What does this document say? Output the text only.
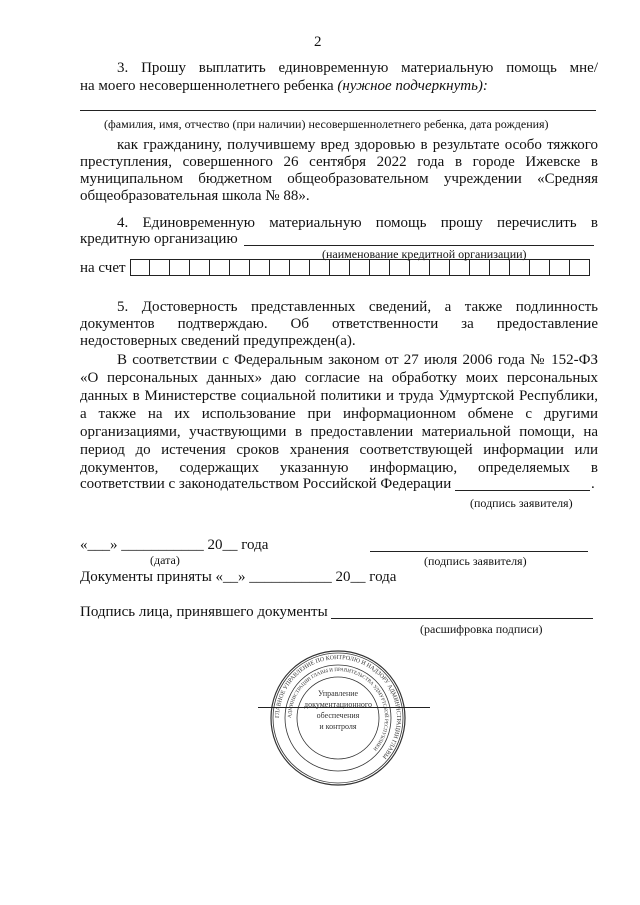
2
3. Прошу выплатить единовременную материальную помощь мне/
на моего несовершеннолетнего ребенка (нужное подчеркнуть):
(фамилия, имя, отчество (при наличии) несовершеннолетнего ребенка, дата рождения)
как гражданину, получившему вред здоровью в результате особо тяжкого
преступления, совершенного 26 сентября 2022 года в городе Ижевске в
муниципальном бюджетном общеобразовательном учреждении «Средняя
общеобразовательная школа № 88».
4. Единовременную материальную помощь прошу перечислить в
кредитную организацию
(наименование кредитной организации)
на счет
5. Достоверность представленных сведений, а также подлинность
документов подтверждаю. Об ответственности за предоставление
недостоверных сведений предупрежден(а).
В соответствии с Федеральным законом от 27 июля 2006 года № 152-ФЗ
«О персональных данных» даю согласие на обработку моих персональных
данных в Министерстве социальной политики и труда Удмуртской Республики,
а также на их использование при информационном обмене с другими
организациями, участвующими в предоставлении материальной помощи, на
период до истечения сроков хранения соответствующей информации или
документов, содержащих указанную информацию, определяемых в
соответствии с законодательством Российской Федерации	.
(подпись заявителя)
«___» ___________ 20__ года
(дата)	(подпись заявителя)
Документы приняты «__» ___________ 20__ года
Подпись лица, принявшего документы
(расшифровка подписи)
ГЛАВНОЕ УПРАВЛЕНИЕ ПО КОНТРОЛЮ И НАДЗОРУ АДМИНИСТРАЦИИ ГЛАВЫ
АДМИНИСТРАЦИИ ГЛАВЫ И ПРАВИТЕЛЬСТВА УДМУРТСКОЙ РЕСПУБЛИКИ
Управление
документационного
обеспечения
и контроля
